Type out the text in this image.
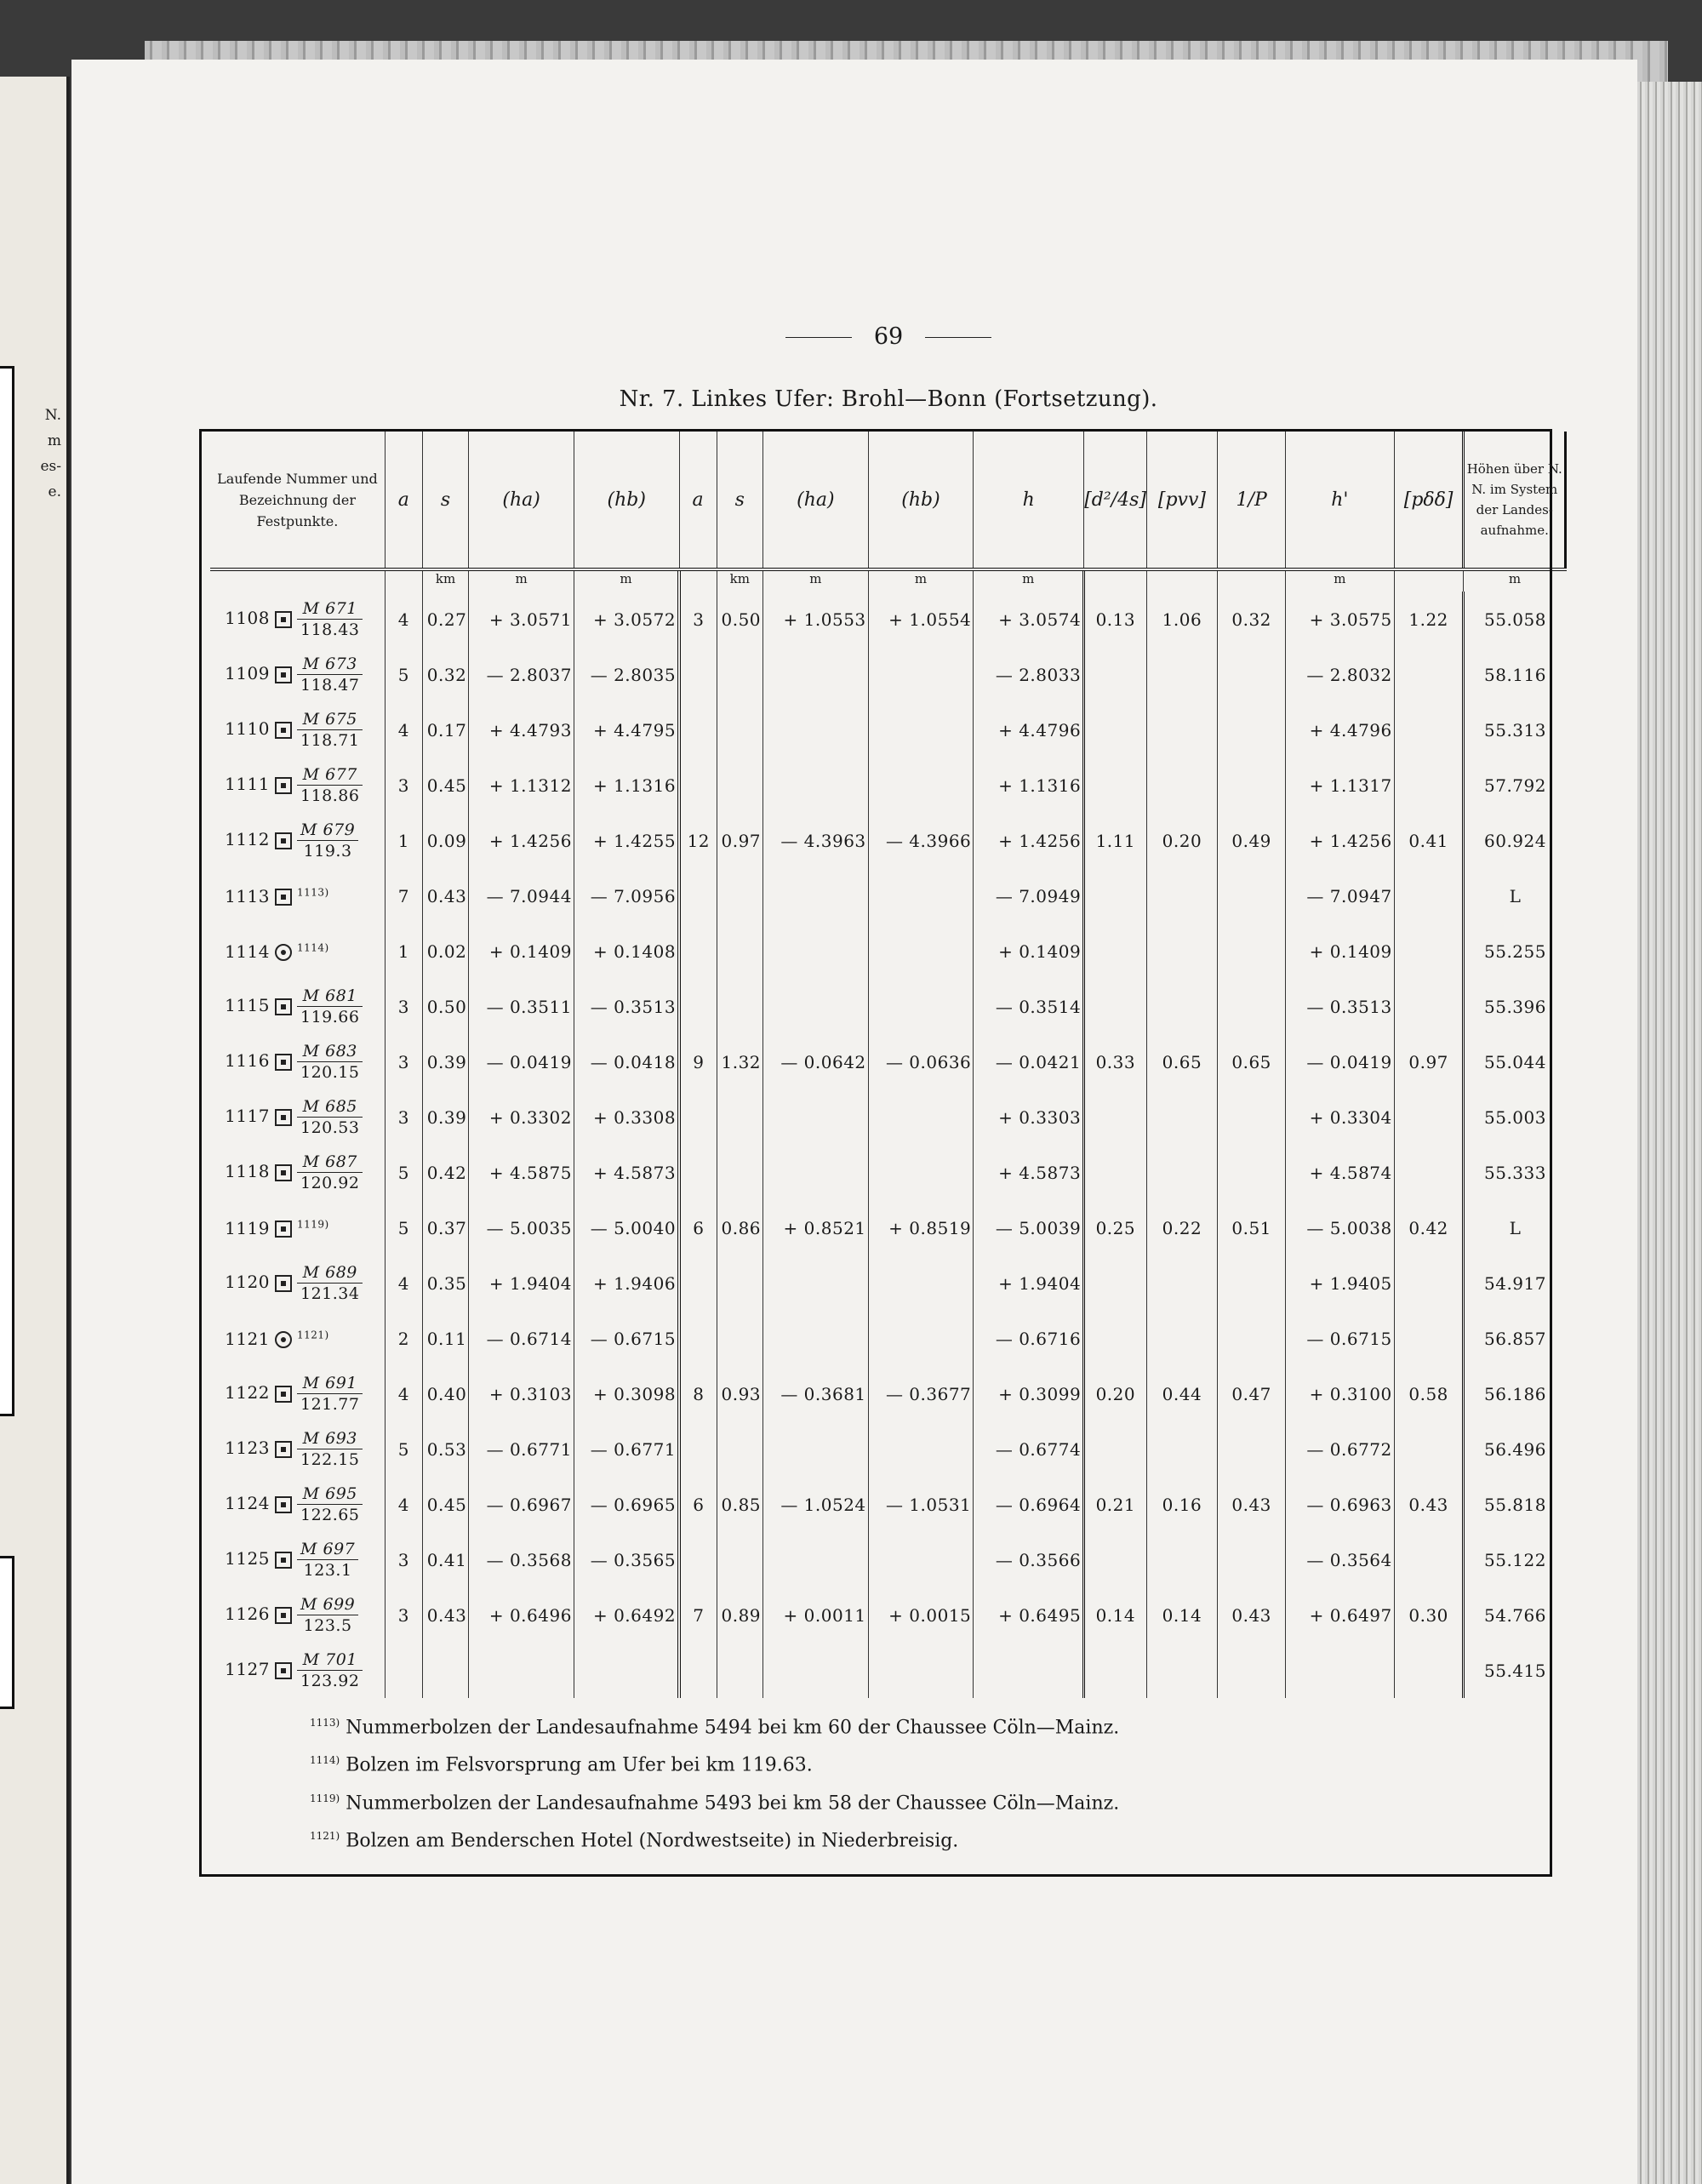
N.
m
es-
e.
69
Nr. 7. Linkes Ufer: Brohl—Bonn (Fortsetzung).
Laufende Nummer und Bezeichnung der Festpunkte.	a	s	(ha)	(hb)	a	s	(ha)	(hb)	h	[d²/4s]	[pvv]	1/P	h'	[pδδ]	Höhen über N. N. im System der Landes-aufnahme.
		km	m	m		km	m	m	m				m		m
$1108 \frac{M 671}{118.43}$	4	0.27	+ 3.0571	+ 3.0572	3	0.50	+ 1.0553	+ 1.0554	+ 3.0574	0.13	1.06	0.32	+ 3.0575	1.22	55.058
$1109 \frac{M 673}{118.47}$	5	0.32	— 2.8037	— 2.8035					— 2.8033				— 2.8032		58.116
$1110 \frac{M 675}{118.71}$	4	0.17	+ 4.4793	+ 4.4795					+ 4.4796				+ 4.4796		55.313
$1111 \frac{M 677}{118.86}$	3	0.45	+ 1.1312	+ 1.1316					+ 1.1316				+ 1.1317		57.792
$1112 \frac{M 679}{119.3}$	1	0.09	+ 1.4256	+ 1.4255	12	0.97	— 4.3963	— 4.3966	+ 1.4256	1.11	0.20	0.49	+ 1.4256	0.41	60.924
1113 $^{1113)}$	7	0.43	— 7.0944	— 7.0956					— 7.0949				— 7.0947		L
1114 $^{1114)}$	1	0.02	+ 0.1409	+ 0.1408					+ 0.1409				+ 0.1409		55.255
$1115 \frac{M 681}{119.66}$	3	0.50	— 0.3511	— 0.3513					— 0.3514				— 0.3513		55.396
$1116 \frac{M 683}{120.15}$	3	0.39	— 0.0419	— 0.0418	9	1.32	— 0.0642	— 0.0636	— 0.0421	0.33	0.65	0.65	— 0.0419	0.97	55.044
$1117 \frac{M 685}{120.53}$	3	0.39	+ 0.3302	+ 0.3308					+ 0.3303				+ 0.3304		55.003
$1118 \frac{M 687}{120.92}$	5	0.42	+ 4.5875	+ 4.5873					+ 4.5873				+ 4.5874		55.333
1119 $^{1119)}$	5	0.37	— 5.0035	— 5.0040	6	0.86	+ 0.8521	+ 0.8519	— 5.0039	0.25	0.22	0.51	— 5.0038	0.42	L
$1120 \frac{M 689}{121.34}$	4	0.35	+ 1.9404	+ 1.9406					+ 1.9404				+ 1.9405		54.917
1121 $^{1121)}$	2	0.11	— 0.6714	— 0.6715					— 0.6716				— 0.6715		56.857
$1122 \frac{M 691}{121.77}$	4	0.40	+ 0.3103	+ 0.3098	8	0.93	— 0.3681	— 0.3677	+ 0.3099	0.20	0.44	0.47	+ 0.3100	0.58	56.186
$1123 \frac{M 693}{122.15}$	5	0.53	— 0.6771	— 0.6771					— 0.6774				— 0.6772		56.496
$1124 \frac{M 695}{122.65}$	4	0.45	— 0.6967	— 0.6965	6	0.85	— 1.0524	— 1.0531	— 0.6964	0.21	0.16	0.43	— 0.6963	0.43	55.818
$1125 \frac{M 697}{123.1}$	3	0.41	— 0.3568	— 0.3565					— 0.3566				— 0.3564		55.122
$1126 \frac{M 699}{123.5}$	3	0.43	+ 0.6496	+ 0.6492	7	0.89	+ 0.0011	+ 0.0015	+ 0.6495	0.14	0.14	0.43	+ 0.6497	0.30	54.766
$1127 \frac{M 701}{123.92}$															55.415
$^{1113)}$ Nummerbolzen der Landesaufnahme 5494 bei km 60 der Chaussee Cöln—Mainz.
$^{1114)}$ Bolzen im Felsvorsprung am Ufer bei km 119.63.
$^{1119)}$ Nummerbolzen der Landesaufnahme 5493 bei km 58 der Chaussee Cöln—Mainz.
$^{1121)}$ Bolzen am Benderschen Hotel (Nordwestseite) in Niederbreisig.
